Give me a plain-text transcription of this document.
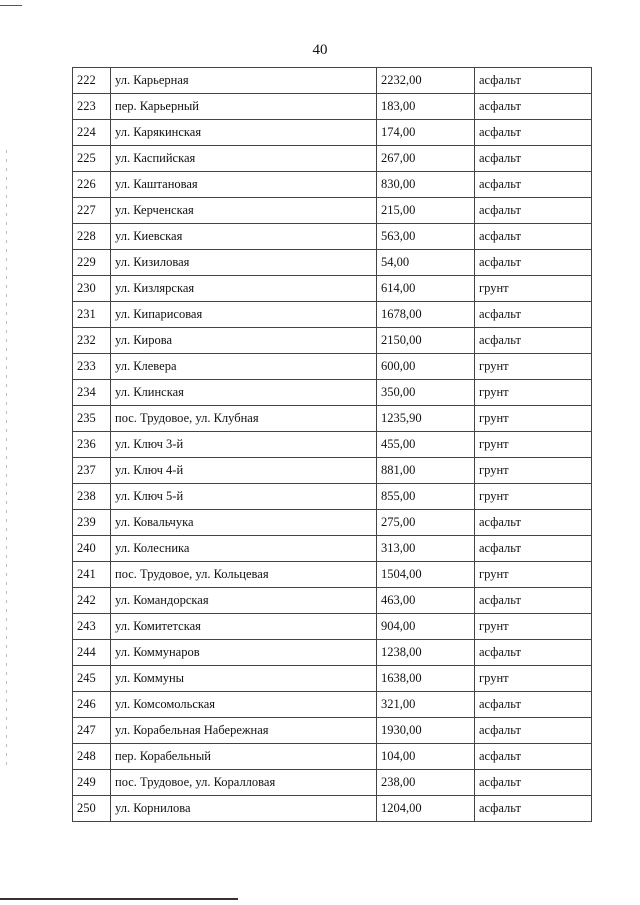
40
222	ул. Карьерная	2232,00	асфальт
223	пер. Карьерный	183,00	асфальт
224	ул. Карякинская	174,00	асфальт
225	ул. Каспийская	267,00	асфальт
226	ул. Каштановая	830,00	асфальт
227	ул. Керченская	215,00	асфальт
228	ул. Киевская	563,00	асфальт
229	ул. Кизиловая	54,00	асфальт
230	ул. Кизлярская	614,00	грунт
231	ул. Кипарисовая	1678,00	асфальт
232	ул. Кирова	2150,00	асфальт
233	ул. Клевера	600,00	грунт
234	ул. Клинская	350,00	грунт
235	пос. Трудовое, ул. Клубная	1235,90	грунт
236	ул. Ключ 3-й	455,00	грунт
237	ул. Ключ 4-й	881,00	грунт
238	ул. Ключ 5-й	855,00	грунт
239	ул. Ковальчука	275,00	асфальт
240	ул. Колесника	313,00	асфальт
241	пос. Трудовое, ул. Кольцевая	1504,00	грунт
242	ул. Командорская	463,00	асфальт
243	ул. Комитетская	904,00	грунт
244	ул. Коммунаров	1238,00	асфальт
245	ул. Коммуны	1638,00	грунт
246	ул. Комсомольская	321,00	асфальт
247	ул. Корабельная Набережная	1930,00	асфальт
248	пер. Корабельный	104,00	асфальт
249	пос. Трудовое, ул. Коралловая	238,00	асфальт
250	ул. Корнилова	1204,00	асфальт
